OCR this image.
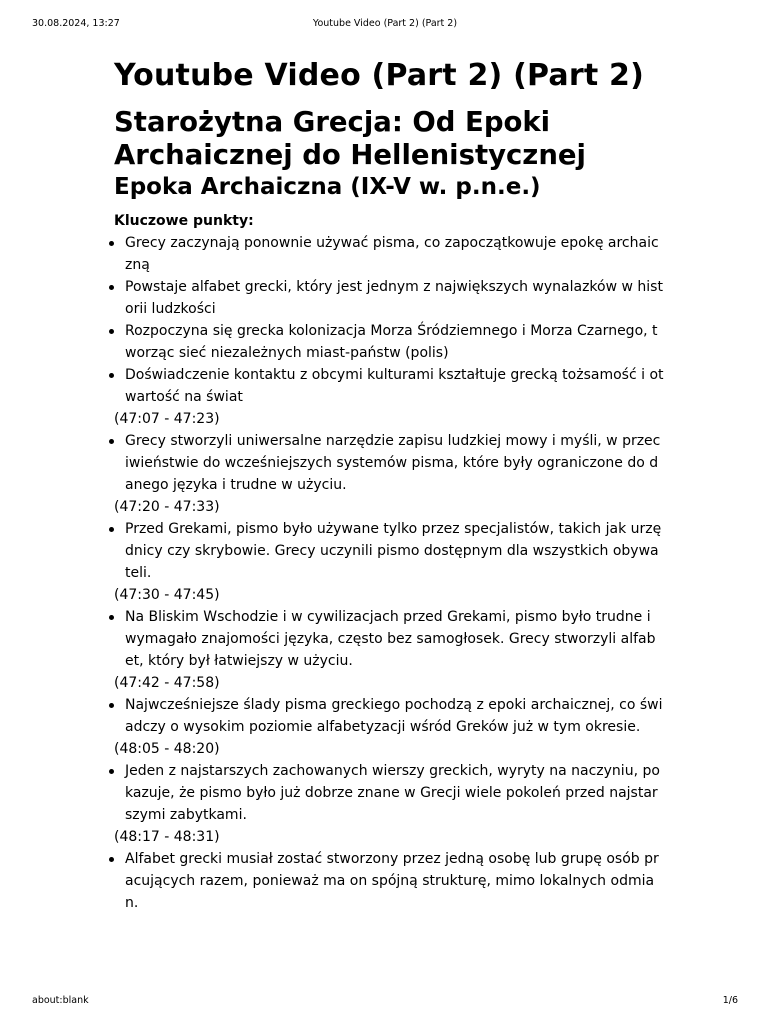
30.08.2024, 13:27	Youtube Video (Part 2) (Part 2)
Youtube Video (Part 2) (Part 2)
Starożytna Grecja: Od Epoki Archaicznej do Hellenistycznej
Epoka Archaiczna (IX-V w. p.n.e.)

Kluczowe punkty:

Grecy zaczynają ponownie używać pisma, co zapoczątkowuje epokę archaiczną
Powstaje alfabet grecki, który jest jednym z największych wynalazków w historii ludzkości
Rozpoczyna się grecka kolonizacja Morza Śródziemnego i Morza Czarnego, tworząc sieć niezależnych miast-państw (polis)
Doświadczenie kontaktu z obcymi kulturami kształtuje grecką tożsamość i otwartość na świat

(47:07 - 47:23)

Grecy stworzyli uniwersalne narzędzie zapisu ludzkiej mowy i myśli, w przeciwieństwie do wcześniejszych systemów pisma, które były ograniczone do danego języka i trudne w użyciu.

(47:20 - 47:33)

Przed Grekami, pismo było używane tylko przez specjalistów, takich jak urzędnicy czy skrybowie. Grecy uczynili pismo dostępnym dla wszystkich obywateli.

(47:30 - 47:45)

Na Bliskim Wschodzie i w cywilizacjach przed Grekami, pismo było trudne i wymagało znajomości języka, często bez samogłosek. Grecy stworzyli alfabet, który był łatwiejszy w użyciu.

(47:42 - 47:58)

Najwcześniejsze ślady pisma greckiego pochodzą z epoki archaicznej, co świadczy o wysokim poziomie alfabetyzacji wśród Greków już w tym okresie.

(48:05 - 48:20)

Jeden z najstarszych zachowanych wierszy greckich, wyryty na naczyniu, pokazuje, że pismo było już dobrze znane w Grecji wiele pokoleń przed najstarszymi zabytkami.

(48:17 - 48:31)

Alfabet grecki musiał zostać stworzony przez jedną osobę lub grupę osób pracujących razem, ponieważ ma on spójną strukturę, mimo lokalnych odmian.
about:blank	1/6
